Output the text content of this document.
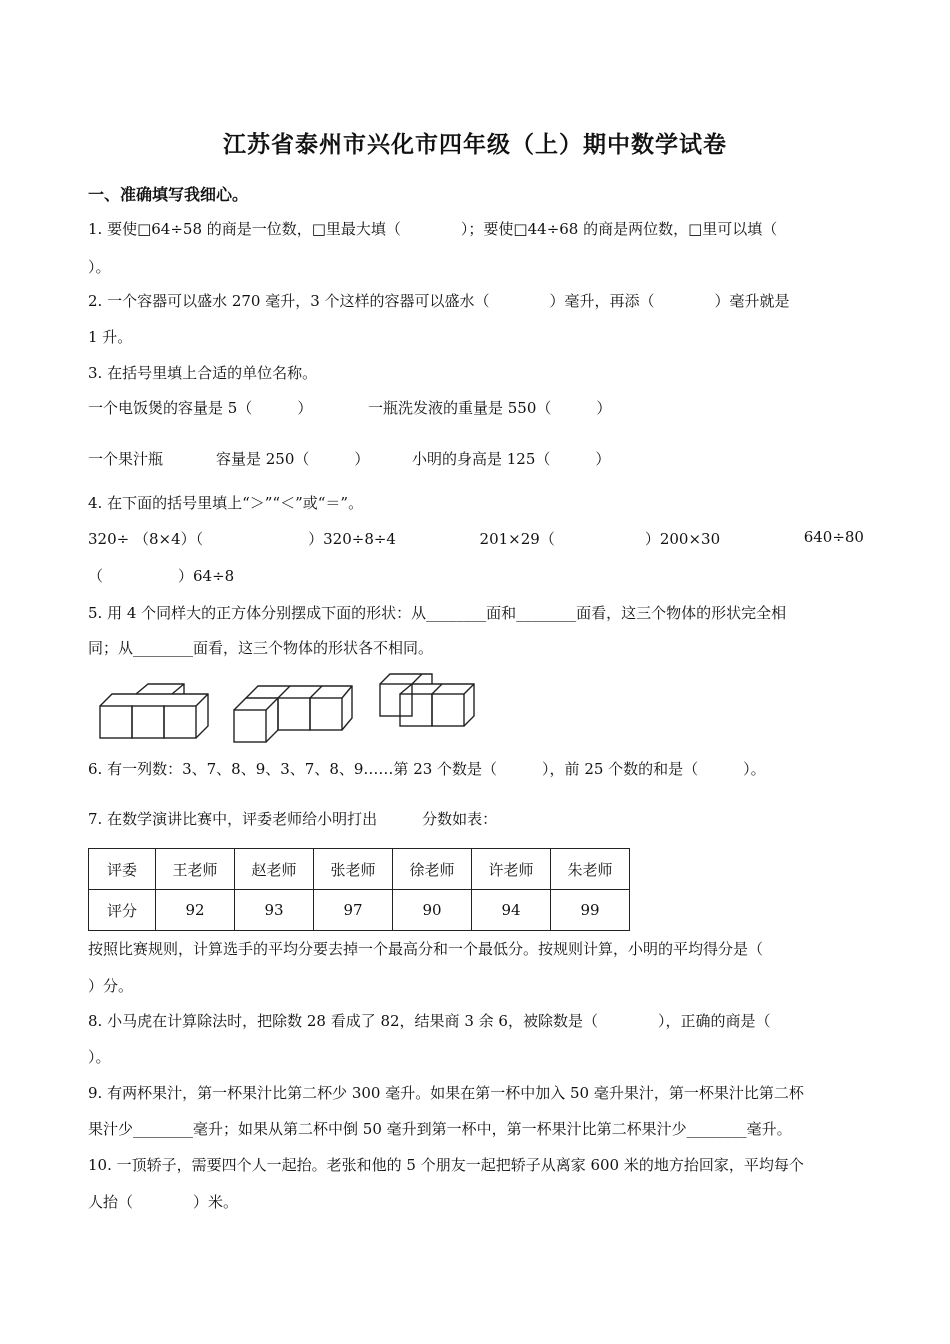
江苏省泰州市兴化市四年级（上）期中数学试卷
一、准确填写我细心。
1. 要使□64÷58 的商是一位数，□里最大填（　　　　）；要使□44÷68 的商是两位数，□里可以填（
）。
2. 一个容器可以盛水 270 毫升，3 个这样的容器可以盛水（　　　　）毫升，再添（　　　　）毫升就是
1 升。
3. 在括号里填上合适的单位名称。
一个电饭煲的容量是 5（　　　）	一瓶洗发液的重量是 550（　　　）
一个果汁瓶	容量是 250（　　　）	小明的身高是 125（　　　）
4. 在下面的括号里填上“＞”“＜”或“＝”。
320÷ （8×4）（　　　　　　　）320÷8÷4	201×29（　　　　　　）200×30	640÷80
（　　　　　）64÷8
5. 用 4 个同样大的正方体分别摆成下面的形状：从________面和________面看，这三个物体的形状完全相
同；从________面看，这三个物体的形状各不相同。
6. 有一列数：3、7、8、9、3、7、8、9……第 23 个数是（　　　），前 25 个数的和是（　　　）。
7. 在数学演讲比赛中，评委老师给小明打出　　　分数如表：
评委	王老师	赵老师	张老师	徐老师	许老师	朱老师
评分	92	93	97	90	94	99
按照比赛规则，计算选手的平均分要去掉一个最高分和一个最低分。按规则计算，小明的平均得分是（
）分。
8. 小马虎在计算除法时，把除数 28 看成了 82，结果商 3 余 6，被除数是（　　　　），正确的商是（
）。
9. 有两杯果汁，第一杯果汁比第二杯少 300 毫升。如果在第一杯中加入 50 毫升果汁，第一杯果汁比第二杯
果汁少________毫升；如果从第二杯中倒 50 毫升到第一杯中，第一杯果汁比第二杯果汁少________毫升。
10. 一顶轿子，需要四个人一起抬。老张和他的 5 个朋友一起把轿子从离家 600 米的地方抬回家，平均每个
人抬（　　　　）米。
